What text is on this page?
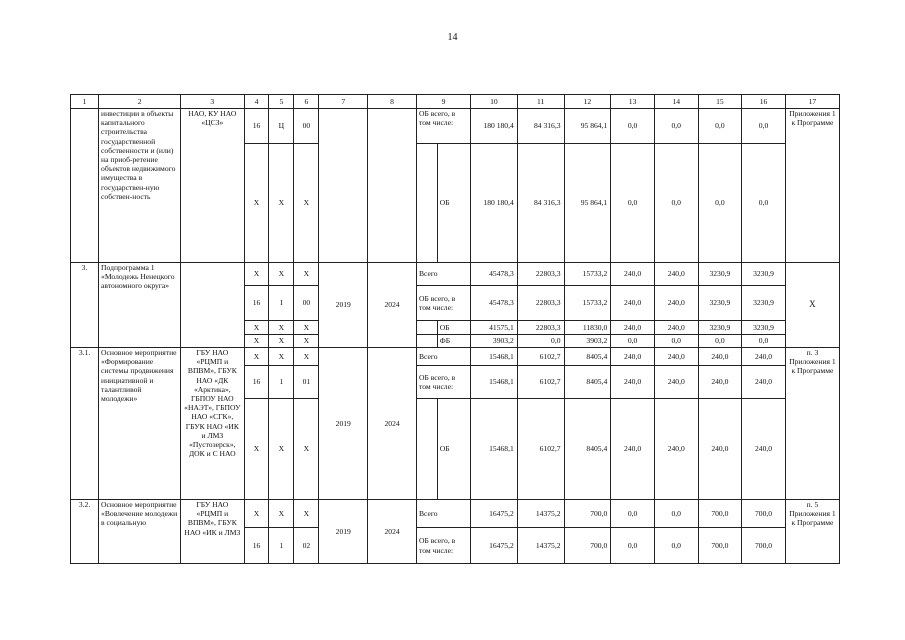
14
1	2	3	4	5	6	7	8	9		10	11	12	13	14	15	16	17
	инвестиции в объекты капитального строительства государственной собственности и (или) на приоб-ретение объектов недвижимого имущества в государствен-ную собствен-ность	НАО, КУ НАО «ЦСЗ»	16	Ц	00			ОБ всего, в том числе:		180 180,4	84 316,3	95 864,1	0,0	0,0	0,0	0,0	Приложения 1 к Программе
			X	X	X				ОБ	180 180,4	84 316,3	95 864,1	0,0	0,0	0,0	0,0	
3.	Подпрограмма 1 «Молодежь Ненецкого автономного округа»		X	X	X	2019	2024	Всего		45478,3	22803,3	15733,2	240,0	240,0	3230,9	3230,9	X
			16	I	00			ОБ всего, в том числе:		45478,3	22803,3	15733,2	240,0	240,0	3230,9	3230,9	
			X	X	X				ОБ	41575,1	22803,3	11830,0	240,0	240,0	3230,9	3230,9	
			X	X	X				ФБ	3903,2	0,0	3903,2	0,0	0,0	0,0	0,0	
3.1.	Основное мероприятие «Формирование системы продвижения инициативной и талантливой молодежи»	ГБУ НАО «РЦМП и ВПВМ», ГБУК НАО «ДК «Арктика», ГБПОУ НАО «НАЭТ», ГБПОУ НАО «СГК», ГБУК НАО «ИК и ЛМЗ «Пустозерск», ДОК и С НАО	X	X	X	2019	2024	Всего		15468,1	6102,7	8405,4	240,0	240,0	240,0	240,0	п. 3 Приложения 1 к Программе
			16	1	01			ОБ всего, в том числе:		15468,1	6102,7	8405,4	240,0	240,0	240,0	240,0	
			X	X	X				ОБ	15468,1	6102,7	8405,4	240,0	240,0	240,0	240,0	
3.2.	Основное мероприятие «Вовлечение молодежи в социальную	ГБУ НАО «РЦМП и ВПВМ», ГБУК НАО «ИК и ЛМЗ	X	X	X	2019	2024	Всего		16475,2	14375,2	700,0	0,0	0,0	700,0	700,0	п. 5 Приложения 1 к Программе
			16	1	02			ОБ всего, в том числе:		16475,2	14375,2	700,0	0,0	0,0	700,0	700,0	
